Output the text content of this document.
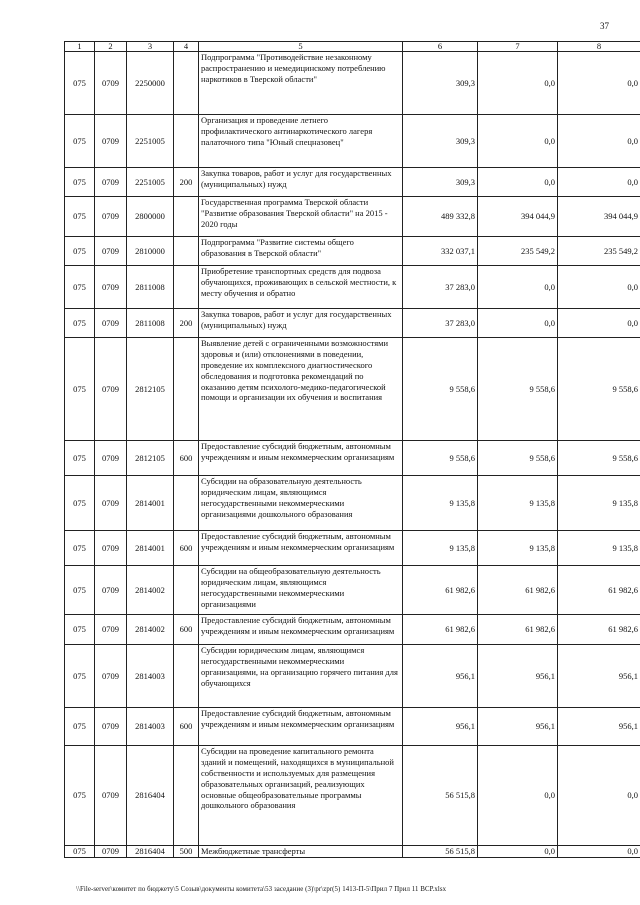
37
1	2	3	4	5	6	7	8
075	0709	2250000		Подпрограмма "Противодействие незаконному распространению и немедицинскому потреблению наркотиков в Тверской области"	309,3	0,0	0,0
075	0709	2251005		Организация и проведение летнего профилактического антинаркотического лагеря палаточного типа "Юный спецназовец"	309,3	0,0	0,0
075	0709	2251005	200	Закупка товаров, работ и услуг для государственных (муниципальных) нужд	309,3	0,0	0,0
075	0709	2800000		Государственная программа Тверской области "Развитие образования Тверской области" на 2015 - 2020 годы	489 332,8	394 044,9	394 044,9
075	0709	2810000		Подпрограмма "Развитие системы общего образования в Тверской области"	332 037,1	235 549,2	235 549,2
075	0709	2811008		Приобретение транспортных средств для подвоза обучающихся, проживающих в сельской местности, к месту обучения и обратно	37 283,0	0,0	0,0
075	0709	2811008	200	Закупка товаров, работ и услуг для государственных (муниципальных) нужд	37 283,0	0,0	0,0
075	0709	2812105		Выявление детей с ограниченными возможностями здоровья и (или) отклонениями в поведении, проведение их комплексного диагностического обследования и подготовка рекомендаций по оказанию детям психолого-медико-педагогической помощи и организации их обучения и воспитания	9 558,6	9 558,6	9 558,6
075	0709	2812105	600	Предоставление субсидий бюджетным, автономным учреждениям и иным некоммерческим организациям	9 558,6	9 558,6	9 558,6
075	0709	2814001		Субсидии на образовательную деятельность юридическим лицам, являющимся негосударственными некоммерческими организациями дошкольного образования	9 135,8	9 135,8	9 135,8
075	0709	2814001	600	Предоставление субсидий бюджетным, автономным учреждениям и иным некоммерческим организациям	9 135,8	9 135,8	9 135,8
075	0709	2814002		Субсидии на общеобразовательную деятельность юридическим лицам, являющимся негосударственными некоммерческими организациями	61 982,6	61 982,6	61 982,6
075	0709	2814002	600	Предоставление субсидий бюджетным, автономным учреждениям и иным некоммерческим организациям	61 982,6	61 982,6	61 982,6
075	0709	2814003		Субсидии юридическим лицам, являющимся негосударственными некоммерческими организациями, на организацию горячего питания для обучающихся	956,1	956,1	956,1
075	0709	2814003	600	Предоставление субсидий бюджетным, автономным учреждениям и иным некоммерческим организациям	956,1	956,1	956,1
075	0709	2816404		Субсидии на проведение капитального ремонта зданий и помещений, находящихся в муниципальной собственности и используемых для размещения образовательных организаций, реализующих основные общеобразовательные программы дошкольного образования	56 515,8	0,0	0,0
075	0709	2816404	500	Межбюджетные трансферты	56 515,8	0,0	0,0
\\File-server\комитет по бюджету\5 Созыв\документы комитета\53 заседание (3)\pr\zpr(5) 1413-П-5\Прил 7 Прил 11 ВСР.xlsx
